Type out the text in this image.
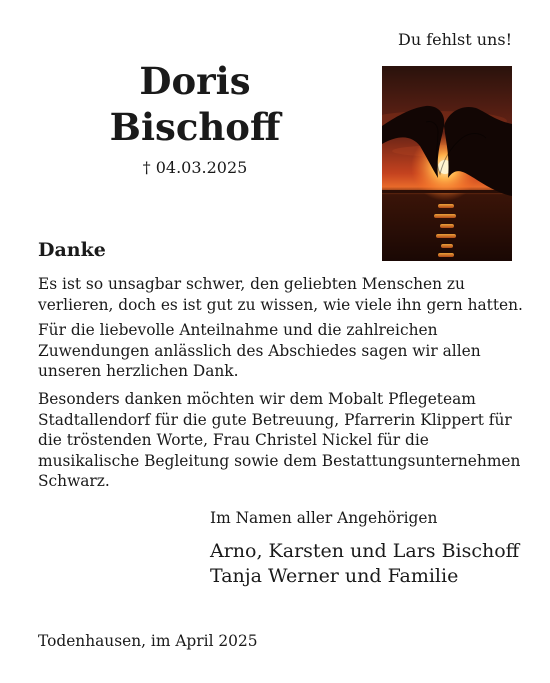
Du fehlst uns!
Doris
Bischoff
† 04.03.2025
Danke

Es ist so unsagbar schwer, den geliebten Menschen zu verlieren, doch es ist gut zu wissen, wie viele ihn gern hatten.

Für die liebevolle Anteilnahme und die zahlreichen Zuwendungen anlässlich des Abschiedes sagen wir allen unseren herzlichen Dank.

Besonders danken möchten wir dem Mobalt Pflegeteam Stadtallendorf für die gute Betreuung, Pfarrerin Klippert für die tröstenden Worte, Frau Christel Nickel für die musikalische Begleitung sowie dem Bestattungsunternehmen Schwarz.

Im Namen aller Angehörigen
Arno, Karsten und Lars Bischoff
Tanja Werner und Familie
Todenhausen, im April 2025
